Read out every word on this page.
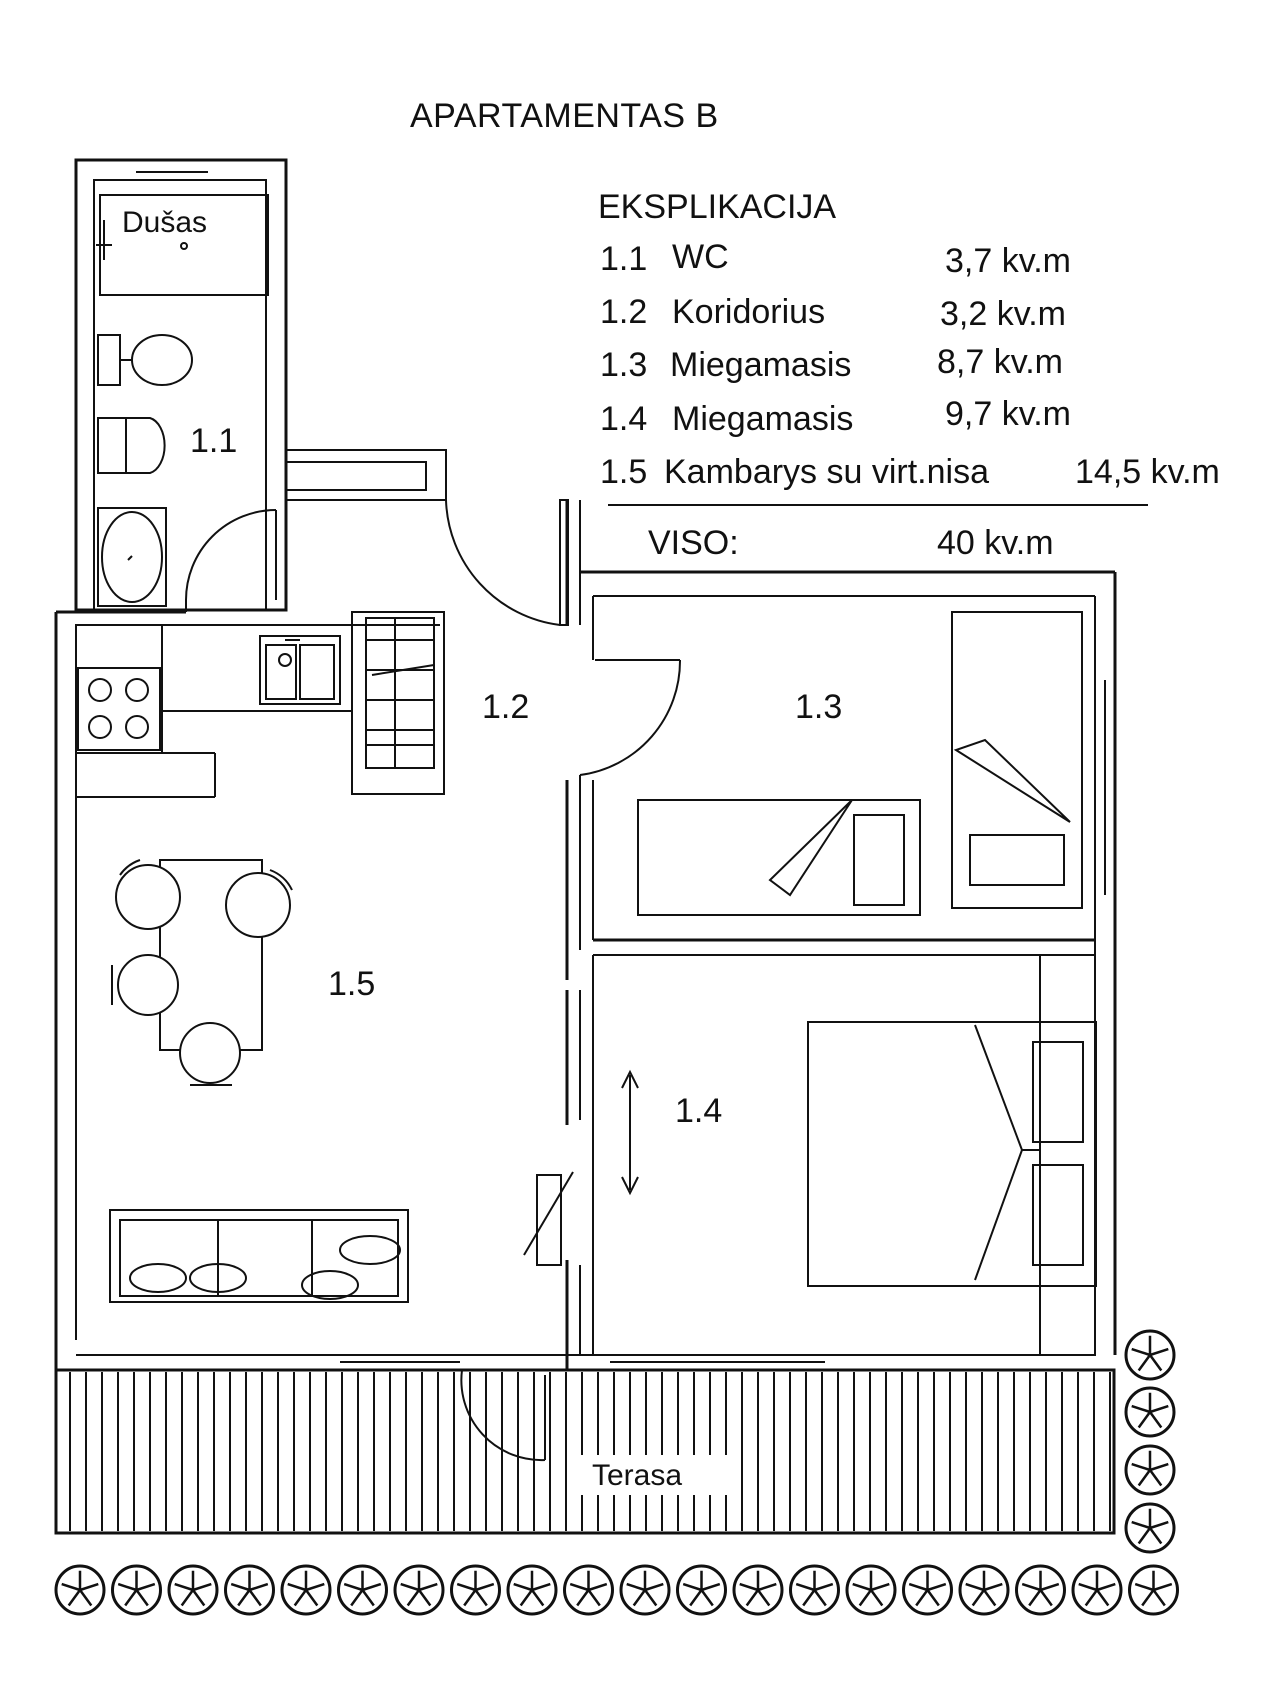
APARTAMENTAS B
EKSPLIKACIJA
1.1 WC	3,7 kv.m
1.2 Koridorius	3,2 kv.m
1.3 Miegamasis	8,7 kv.m
1.4 Miegamasis	9,7 kv.m
1.5 Kambarys su virt.nisa	14,5 kv.m
VISO:	40 kv.m
Dušas
1.1
1.2	1.3
1.4
1.5
Terasa
